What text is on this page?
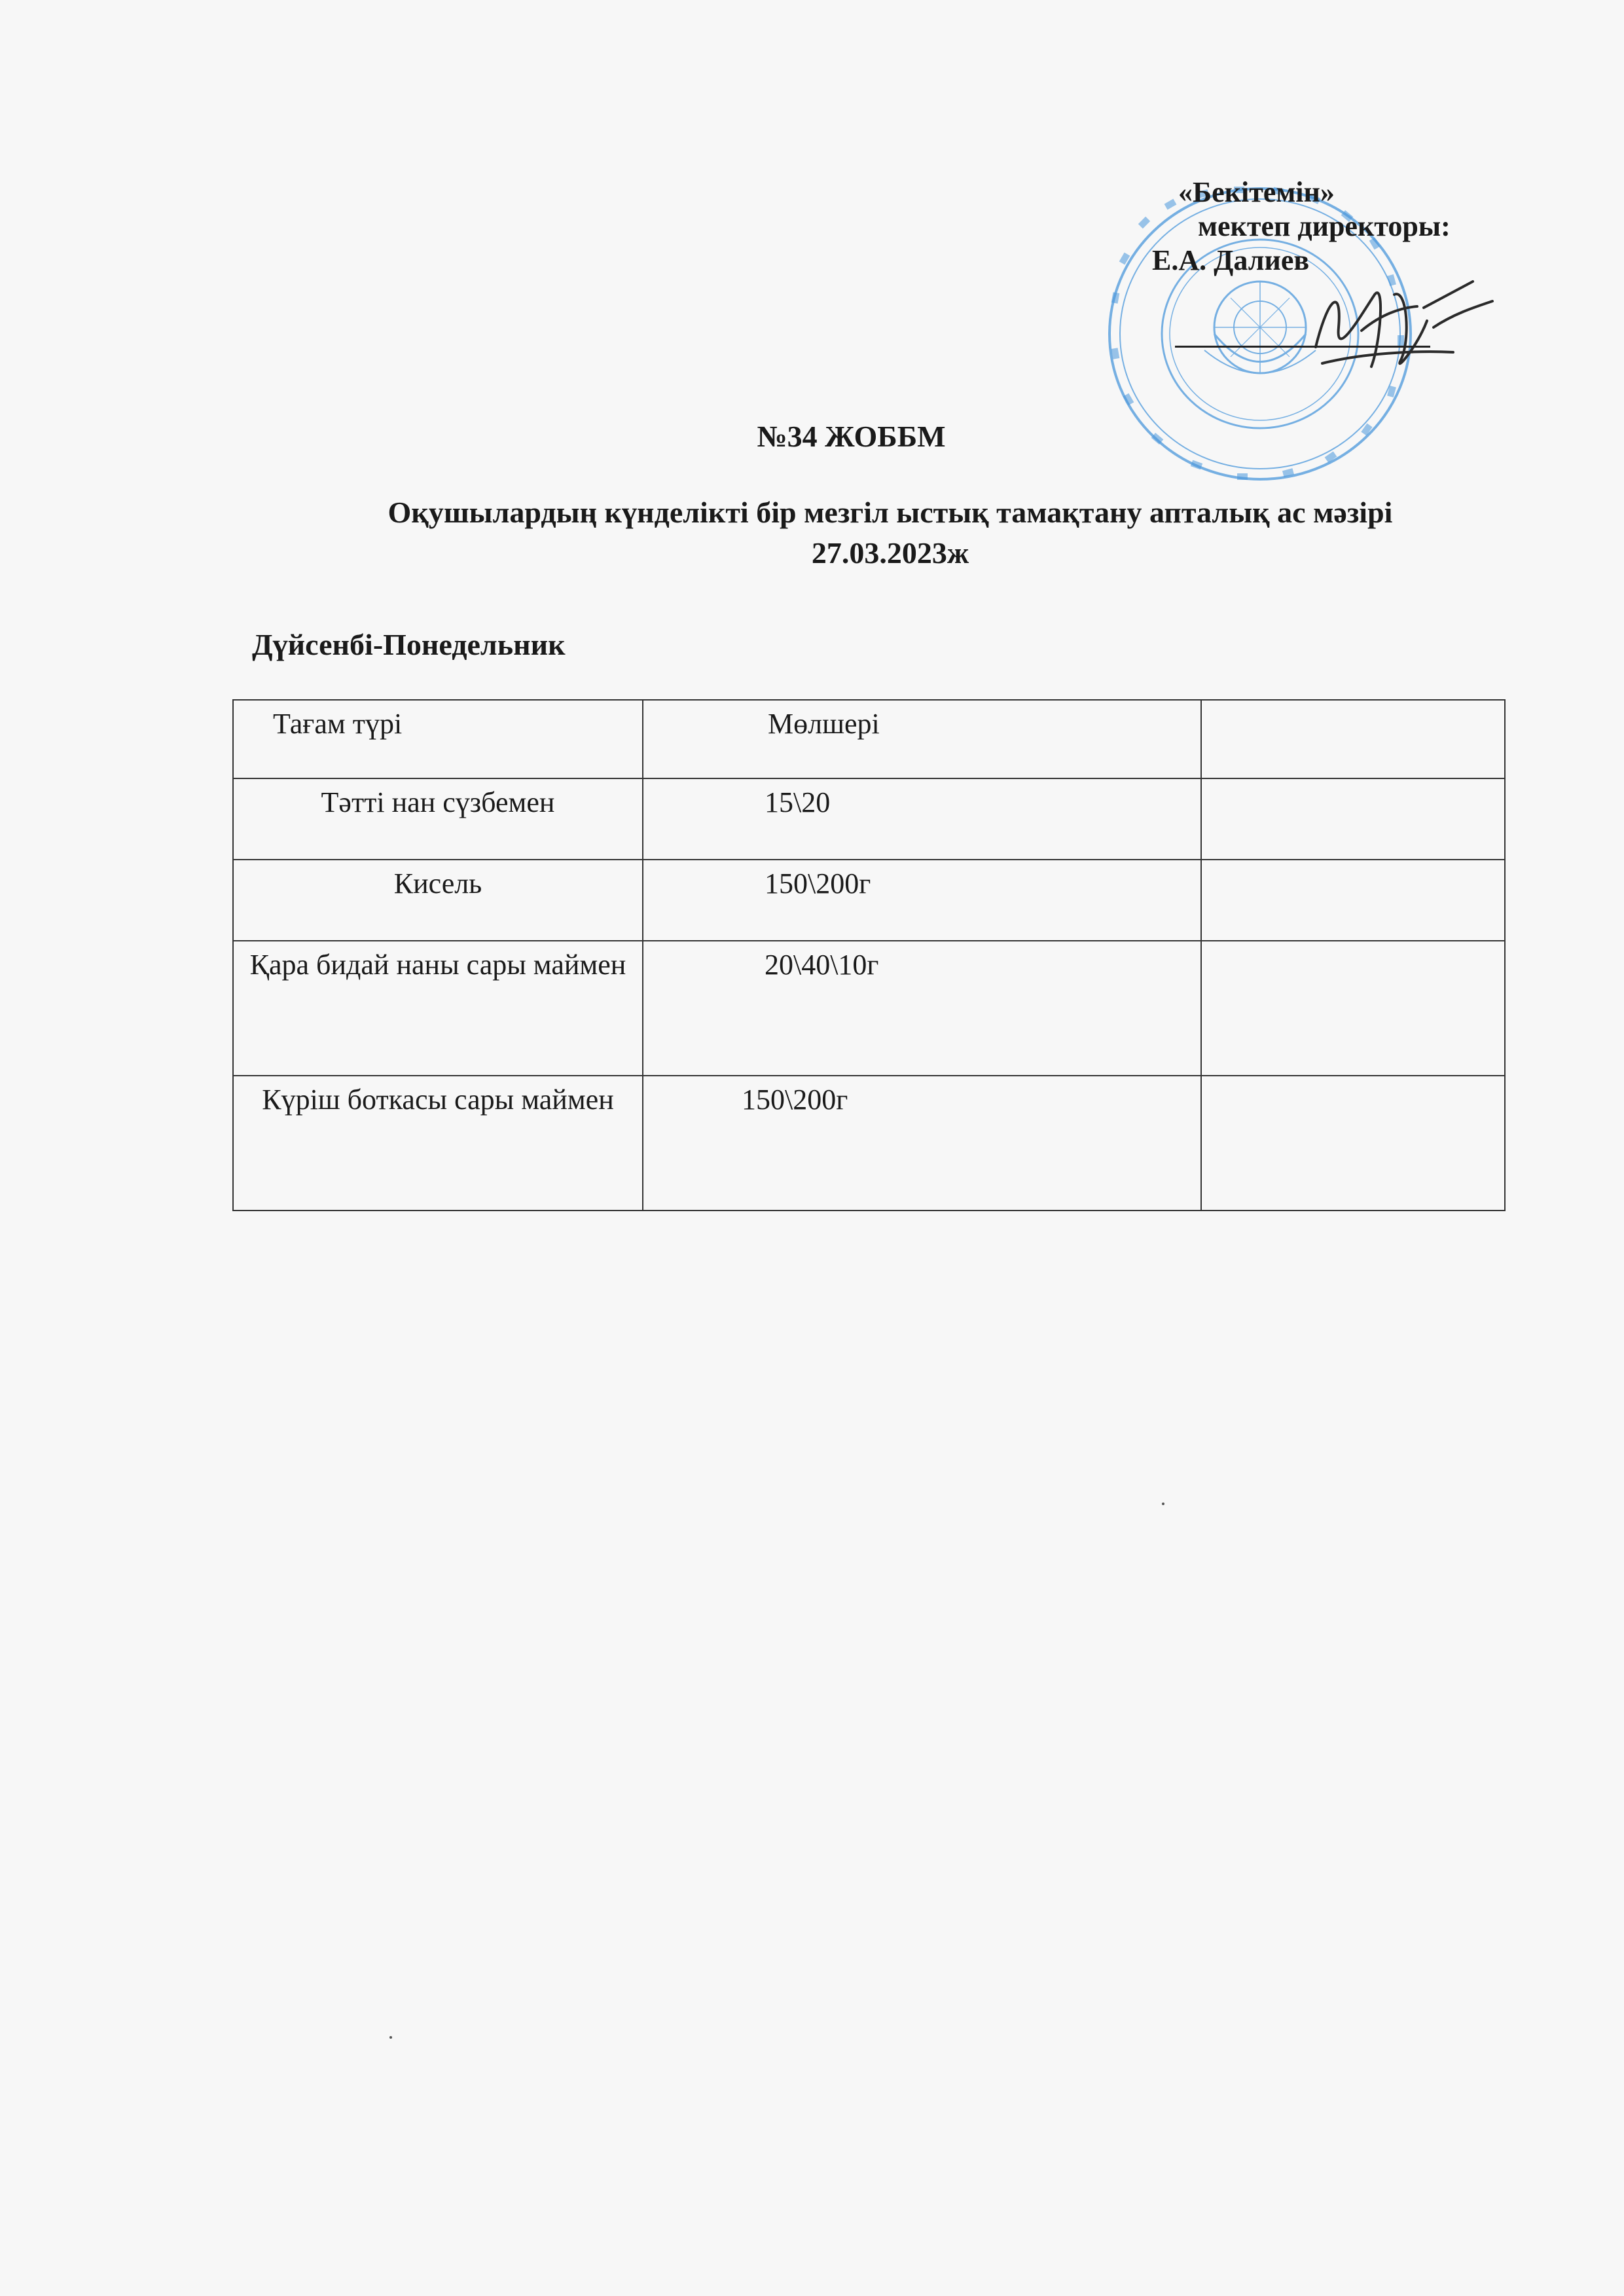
«Бекітемін»
мектеп директоры:
Е.А. Далиев
№34 ЖОББМ
Оқушылардың күнделікті бір мезгіл ыстық тамақтану апталық ас мәзірі
27.03.2023ж
Дүйсенбі-Понедельник
Тағам түрі	Мөлшері	
Тәтті нан сүзбемен	15\20	
Кисель	150\200г	
Қара бидай наны сары маймен	20\40\10г	
Күріш боткасы сары маймен	150\200г	
